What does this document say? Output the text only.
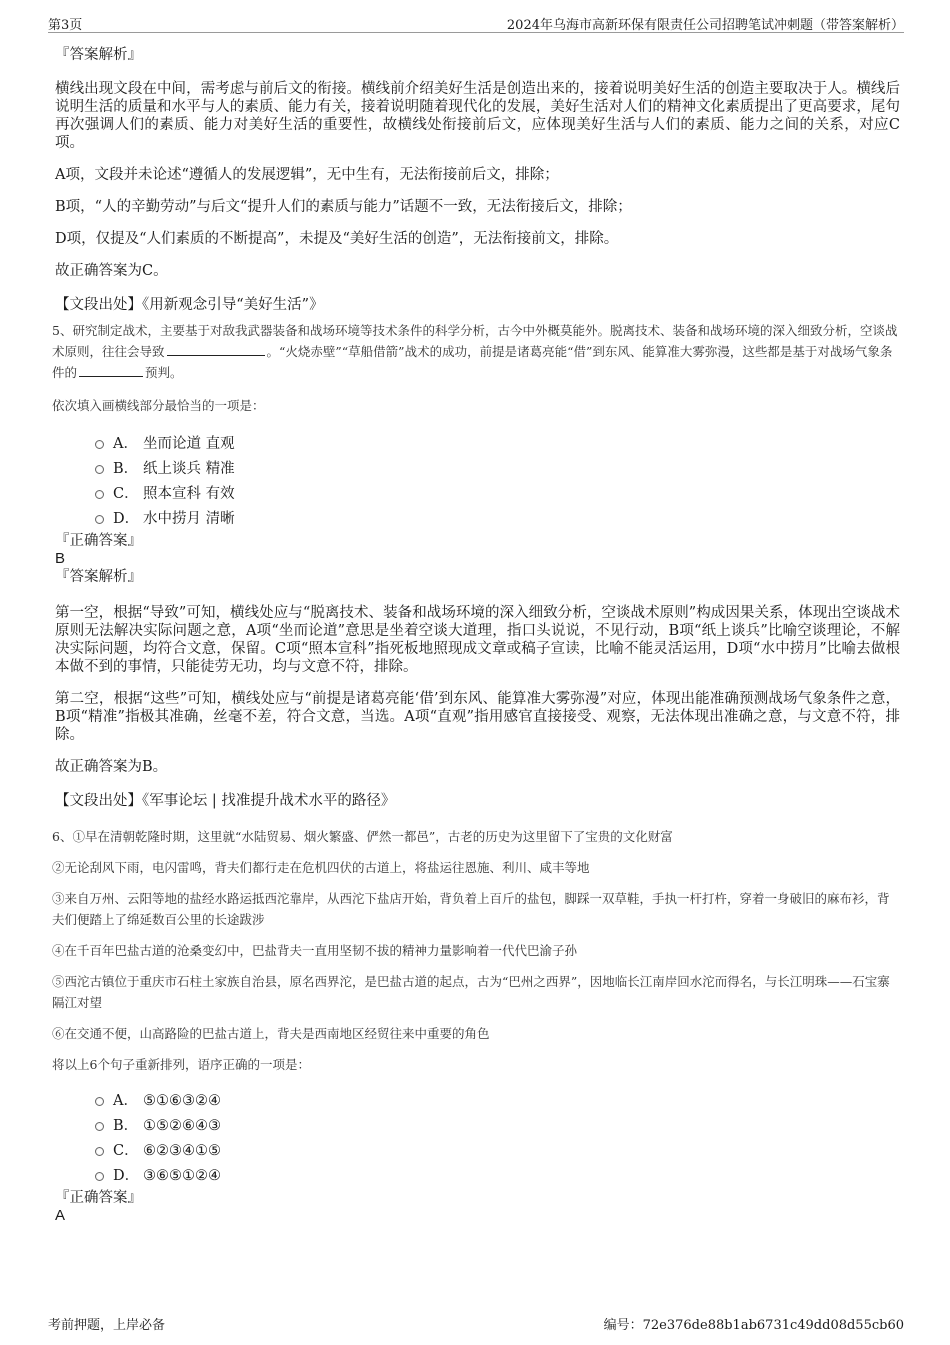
第3页	2024年乌海市高新环保有限责任公司招聘笔试冲刺题（带答案解析）
『答案解析』

横线出现文段在中间，需考虑与前后文的衔接。横线前介绍美好生活是创造出来的，接着说明美好生活的创造主要取决于人。横线后说明生活的质量和水平与人的素质、能力有关，接着说明随着现代化的发展，美好生活对人们的精神文化素质提出了更高要求，尾句再次强调人们的素质、能力对美好生活的重要性，故横线处衔接前后文，应体现美好生活与人们的素质、能力之间的关系，对应C项。

A项，文段并未论述“遵循人的发展逻辑”，无中生有，无法衔接前后文，排除；

B项，“人的辛勤劳动”与后文“提升人们的素质与能力”话题不一致，无法衔接后文，排除；

D项，仅提及“人们素质的不断提高”，未提及“美好生活的创造”，无法衔接前文，排除。

故正确答案为C。

【文段出处】《用新观念引导“美好生活”》

5、研究制定战术，主要基于对敌我武器装备和战场环境等技术条件的科学分析，古今中外概莫能外。脱离技术、装备和战场环境的深入细致分析，空谈战术原则，往往会导致	。“火烧赤壁”“草船借箭”战术的成功，前提是诸葛亮能“借”到东风、能算准大雾弥漫，这些都是基于对战场气象条件的	预判。
依次填入画横线部分最恰当的一项是：
A． 坐而论道 直观
B． 纸上谈兵 精准
C． 照本宣科 有效
D． 水中捞月 清晰
『正确答案』
B
『答案解析』

第一空，根据“导致”可知，横线处应与“脱离技术、装备和战场环境的深入细致分析，空谈战术原则”构成因果关系，体现出空谈战术原则无法解决实际问题之意，A项“坐而论道”意思是坐着空谈大道理，指口头说说，不见行动，B项“纸上谈兵”比喻空谈理论，不解决实际问题，均符合文意，保留。C项“照本宣科”指死板地照现成文章或稿子宣读，比喻不能灵活运用，D项“水中捞月”比喻去做根本做不到的事情，只能徒劳无功，均与文意不符，排除。

第二空，根据“这些”可知，横线处应与“前提是诸葛亮能‘借’到东风、能算准大雾弥漫”对应，体现出能准确预测战场气象条件之意，B项“精准”指极其准确，丝毫不差，符合文意，当选。A项“直观”指用感官直接接受、观察，无法体现出准确之意，与文意不符，排除。

故正确答案为B。

【文段出处】《军事论坛 | 找准提升战术水平的路径》

6、①早在清朝乾隆时期，这里就“水陆贸易、烟火繁盛、俨然一都邑”，古老的历史为这里留下了宝贵的文化财富
②无论刮风下雨，电闪雷鸣，背夫们都行走在危机四伏的古道上，将盐运往恩施、利川、咸丰等地
③来自万州、云阳等地的盐经水路运抵西沱靠岸，从西沱下盐店开始，背负着上百斤的盐包，脚踩一双草鞋，手执一杆打杵，穿着一身破旧的麻布衫，背夫们便踏上了绵延数百公里的长途跋涉
④在千百年巴盐古道的沧桑变幻中，巴盐背夫一直用坚韧不拔的精神力量影响着一代代巴渝子孙
⑤西沱古镇位于重庆市石柱土家族自治县，原名西界沱，是巴盐古道的起点，古为“巴州之西界”，因地临长江南岸回水沱而得名，与长江明珠——石宝寨隔江对望
⑥在交通不便，山高路险的巴盐古道上，背夫是西南地区经贸往来中重要的角色
将以上6个句子重新排列，语序正确的一项是：
A． ⑤①⑥③②④
B． ①⑤②⑥④③
C． ⑥②③④①⑤
D． ③⑥⑤①②④
『正确答案』
A
考前押题，上岸必备	编号：72e376de88b1ab6731c49dd08d55cb60
